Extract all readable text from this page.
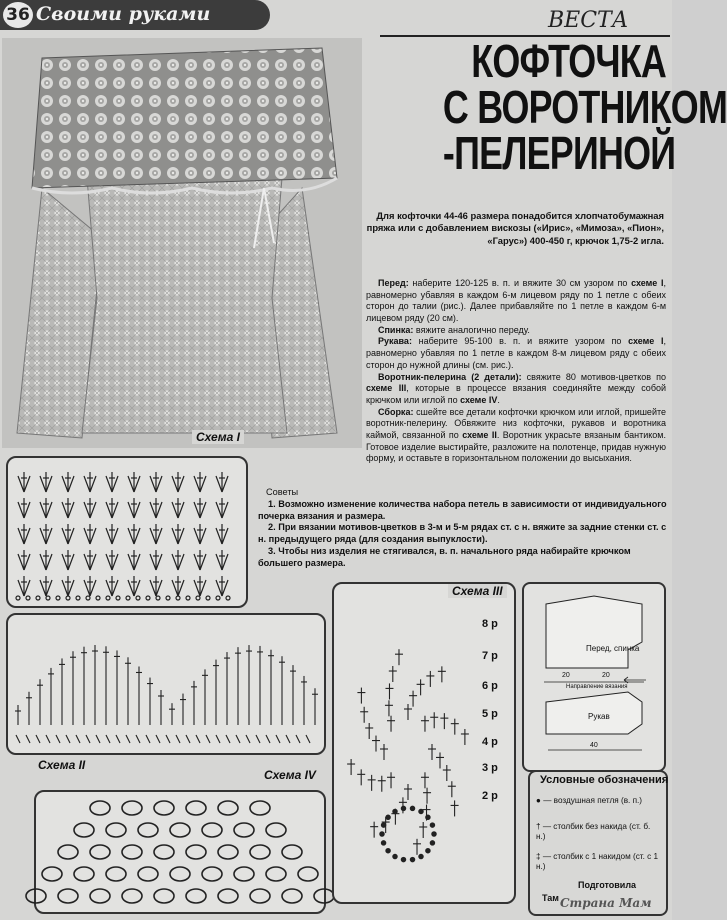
36 Своими руками	ВЕСТА
КОФТОЧКА
С ВОРОТНИКОМ
-ПЕЛЕРИНОЙ
Для кофточки 44-46 размера понадобится хлопчатобумажная пряжа или с добавлением вискозы («Ирис», «Мимоза», «Пион», «Гарус») 400-450 г, крючок 1,75-2 игла.

Перед: наберите 120-125 в. п. и вяжите 30 см узором по схеме I, равномерно убавляя в каждом 6-м лицевом ряду по 1 петле с обеих сторон до талии (рис.). Далее прибавляйте по 1 петле в каждом 6-м лицевом ряду (20 см).

Спинка: вяжите аналогично переду.

Рукава: наберите 95-100 в. п. и вяжите узором по схеме I, равномерно убавляя по 1 петле в каждом 8-м лицевом ряду с обеих сторон до нужной длины (см. рис.).

Воротник-пелерина (2 детали): свяжите 80 мотивов-цветков по схеме III, которые в процессе вязания соединяйте между собой крючком или иглой по схеме IV.

Сборка: сшейте все детали кофточки крючком или иглой, пришейте воротник-пелерину. Обвяжите низ кофточки, рукавов и воротника каймой, связанной по схеме II. Воротник украсьте вязаным бантиком. Готовое изделие выстирайте, разложите на полотенце, придав нужную форму, и оставьте в горизонтальном положении до высыхания.

Схема I

Советы

1. Возможно изменение количества набора петель в зависимости от индивидуального почерка вязания и размера.

2. При вязании мотивов-цветков в 3-м и 5-м рядах ст. с н. вяжите за задние стенки ст. с н. предыдущего ряда (для создания выпуклости).

3. Чтобы низ изделия не стягивался, в. п. начального ряда набирайте крючком большего размера.

Схема II
Схема IV
Схема III
8 р
7 р
6 р
5 р
4 р
3 р
2 р
Перед, спинка
20	20
Направление вязания
Рукав
40
Условные обозначения
● — воздушная петля (в. п.)
† — столбик без накида (ст. б. н.)
‡ — столбик с 1 накидом (ст. с 1 н.)
Подготовила
Там Страна Мам
